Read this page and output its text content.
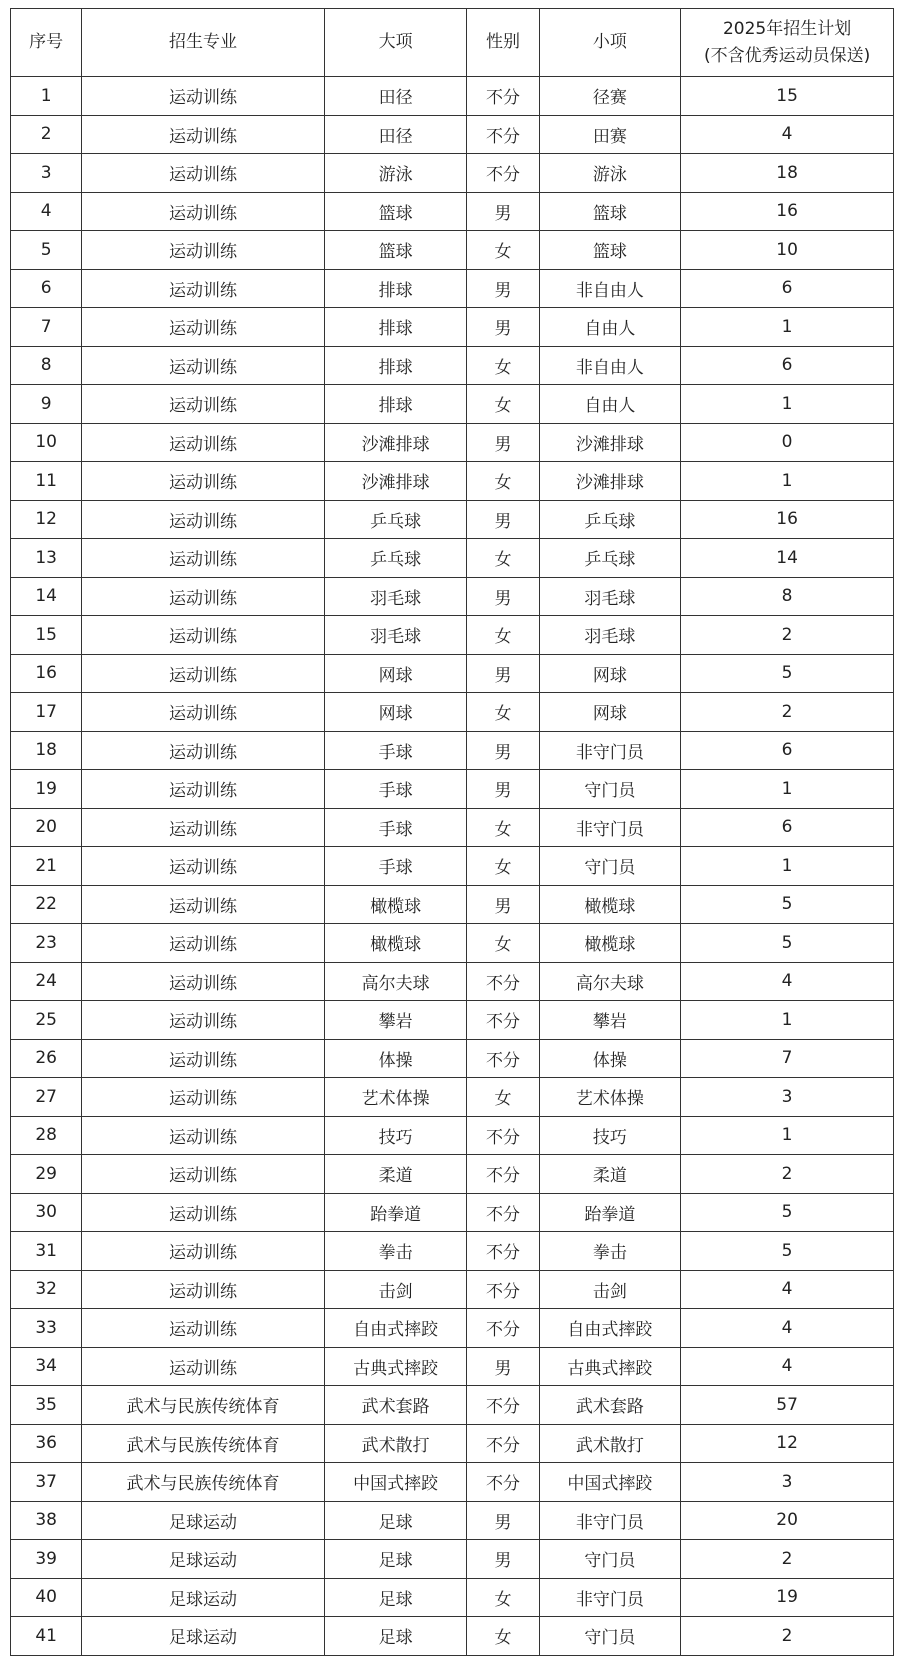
序号	招生专业	大项	性别	小项	2025年招生计划
(不含优秀运动员保送)

1	运动训练	田径	不分	径赛	15
2	运动训练	田径	不分	田赛	4
3	运动训练	游泳	不分	游泳	18
4	运动训练	篮球	男	篮球	16
5	运动训练	篮球	女	篮球	10
6	运动训练	排球	男	非自由人	6
7	运动训练	排球	男	自由人	1
8	运动训练	排球	女	非自由人	6
9	运动训练	排球	女	自由人	1
10	运动训练	沙滩排球	男	沙滩排球	0
11	运动训练	沙滩排球	女	沙滩排球	1
12	运动训练	乒乓球	男	乒乓球	16
13	运动训练	乒乓球	女	乒乓球	14
14	运动训练	羽毛球	男	羽毛球	8
15	运动训练	羽毛球	女	羽毛球	2
16	运动训练	网球	男	网球	5
17	运动训练	网球	女	网球	2
18	运动训练	手球	男	非守门员	6
19	运动训练	手球	男	守门员	1
20	运动训练	手球	女	非守门员	6
21	运动训练	手球	女	守门员	1
22	运动训练	橄榄球	男	橄榄球	5
23	运动训练	橄榄球	女	橄榄球	5
24	运动训练	高尔夫球	不分	高尔夫球	4
25	运动训练	攀岩	不分	攀岩	1
26	运动训练	体操	不分	体操	7
27	运动训练	艺术体操	女	艺术体操	3
28	运动训练	技巧	不分	技巧	1
29	运动训练	柔道	不分	柔道	2
30	运动训练	跆拳道	不分	跆拳道	5
31	运动训练	拳击	不分	拳击	5
32	运动训练	击剑	不分	击剑	4
33	运动训练	自由式摔跤	不分	自由式摔跤	4
34	运动训练	古典式摔跤	男	古典式摔跤	4
35	武术与民族传统体育	武术套路	不分	武术套路	57
36	武术与民族传统体育	武术散打	不分	武术散打	12
37	武术与民族传统体育	中国式摔跤	不分	中国式摔跤	3
38	足球运动	足球	男	非守门员	20
39	足球运动	足球	男	守门员	2
40	足球运动	足球	女	非守门员	19
41	足球运动	足球	女	守门员	2
